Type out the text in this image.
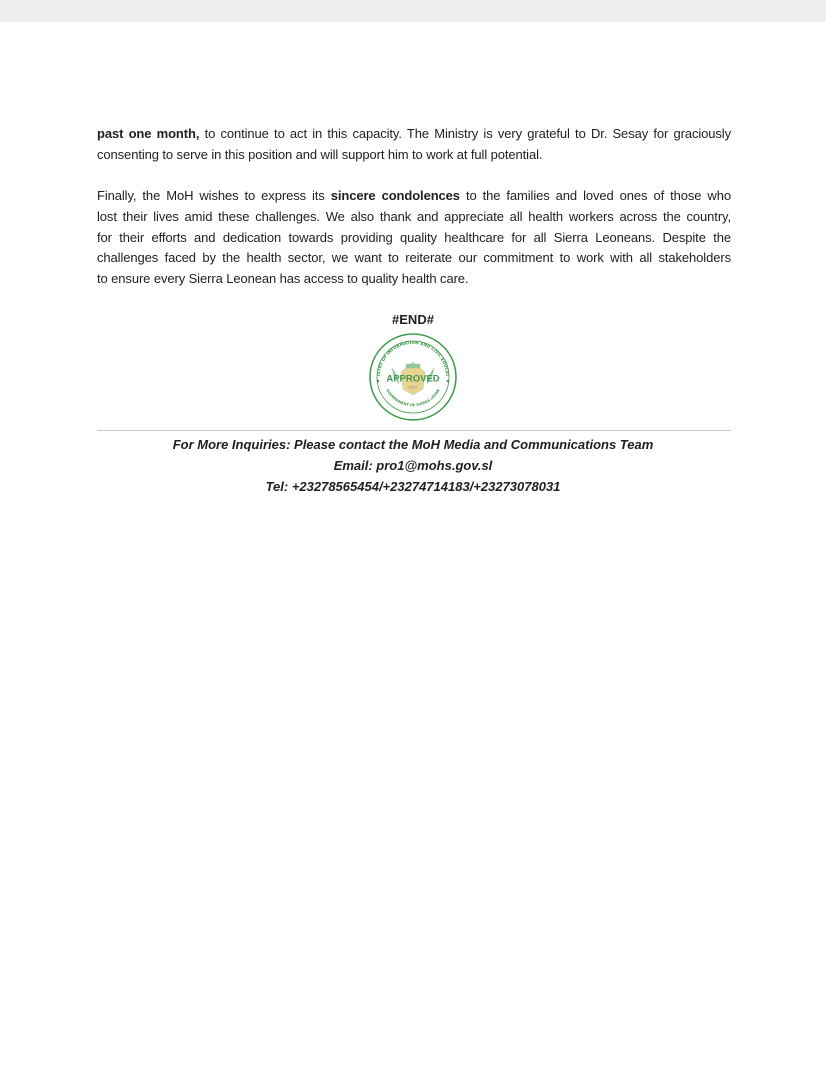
past one month, to continue to act in this capacity. The Ministry is very grateful to Dr. Sesay for graciously
consenting to serve in this position and will support him to work at full potential.
Finally, the MoH wishes to express its sincere condolences to the families and loved ones of those who
lost their lives amid these challenges. We also thank and appreciate all health workers across the country,
for their efforts and dedication towards providing quality healthcare for all Sierra Leoneans. Despite the
challenges faced by the health sector, we want to reiterate our commitment to work with all stakeholders
to ensure every Sierra Leonean has access to quality health care.
#END#
ISTRY OF INFORMATION AND CIVIC EDUCAT
GOVERNMENT OF SIERRA LEONE
APPROVED
2022
For More Inquiries: Please contact the MoH Media and Communications Team
Email: pro1@mohs.gov.sl
Tel: +23278565454/+23274714183/+23273078031
